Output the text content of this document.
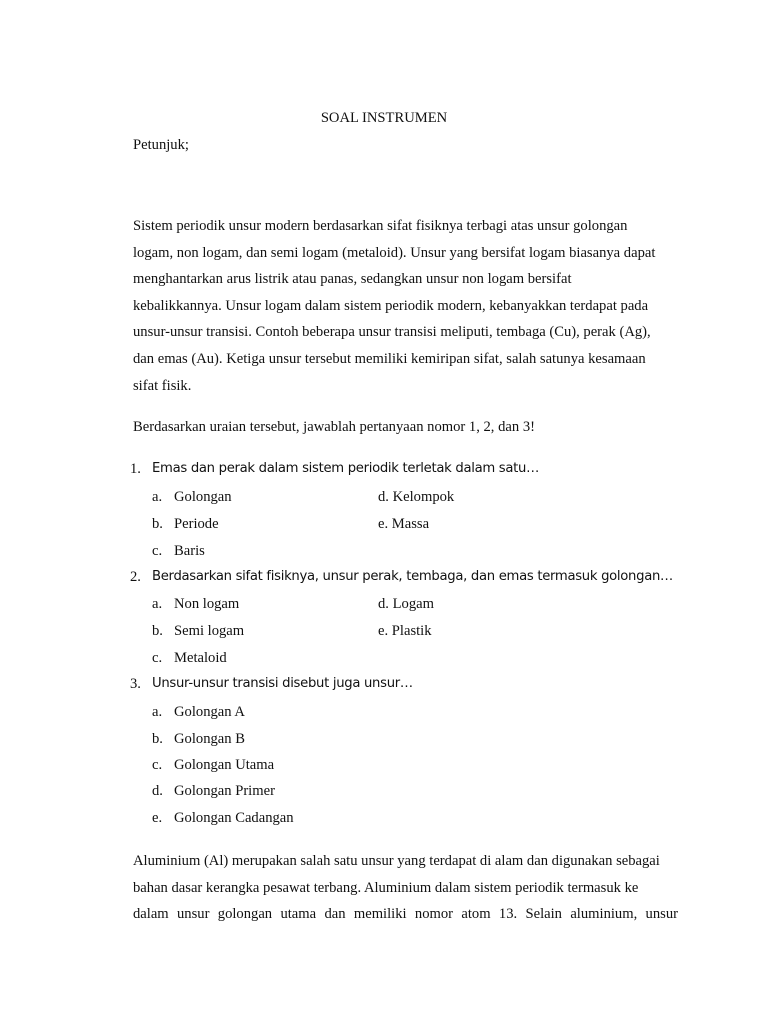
SOAL INSTRUMEN
Petunjuk;
Sistem periodik unsur modern berdasarkan sifat fisiknya terbagi atas unsur golongan
logam, non logam, dan semi logam (metaloid). Unsur yang bersifat logam biasanya dapat
menghantarkan arus listrik atau panas, sedangkan unsur non logam bersifat
kebalikkannya. Unsur logam dalam sistem periodik modern, kebanyakkan terdapat pada
unsur-unsur transisi. Contoh beberapa unsur transisi meliputi, tembaga (Cu), perak (Ag),
dan emas (Au). Ketiga unsur tersebut memiliki kemiripan sifat, salah satunya kesamaan
sifat fisik.
Berdasarkan uraian tersebut, jawablah pertanyaan nomor 1, 2, dan 3!
1. Emas dan perak dalam sistem periodik terletak dalam satu…
a. Golongan	d. Kelompok
b. Periode	e. Massa
c. Baris
2. Berdasarkan sifat fisiknya, unsur perak, tembaga, dan emas termasuk golongan…
a. Non logam	d. Logam
b. Semi logam	e. Plastik
c. Metaloid
3. Unsur-unsur transisi disebut juga unsur…
a. Golongan A
b. Golongan B
c. Golongan Utama
d. Golongan Primer
e. Golongan Cadangan
Aluminium (Al) merupakan salah satu unsur yang terdapat di alam dan digunakan sebagai
bahan dasar kerangka pesawat terbang. Aluminium dalam sistem periodik termasuk ke
dalam unsur golongan utama dan memiliki nomor atom 13. Selain aluminium, unsur
